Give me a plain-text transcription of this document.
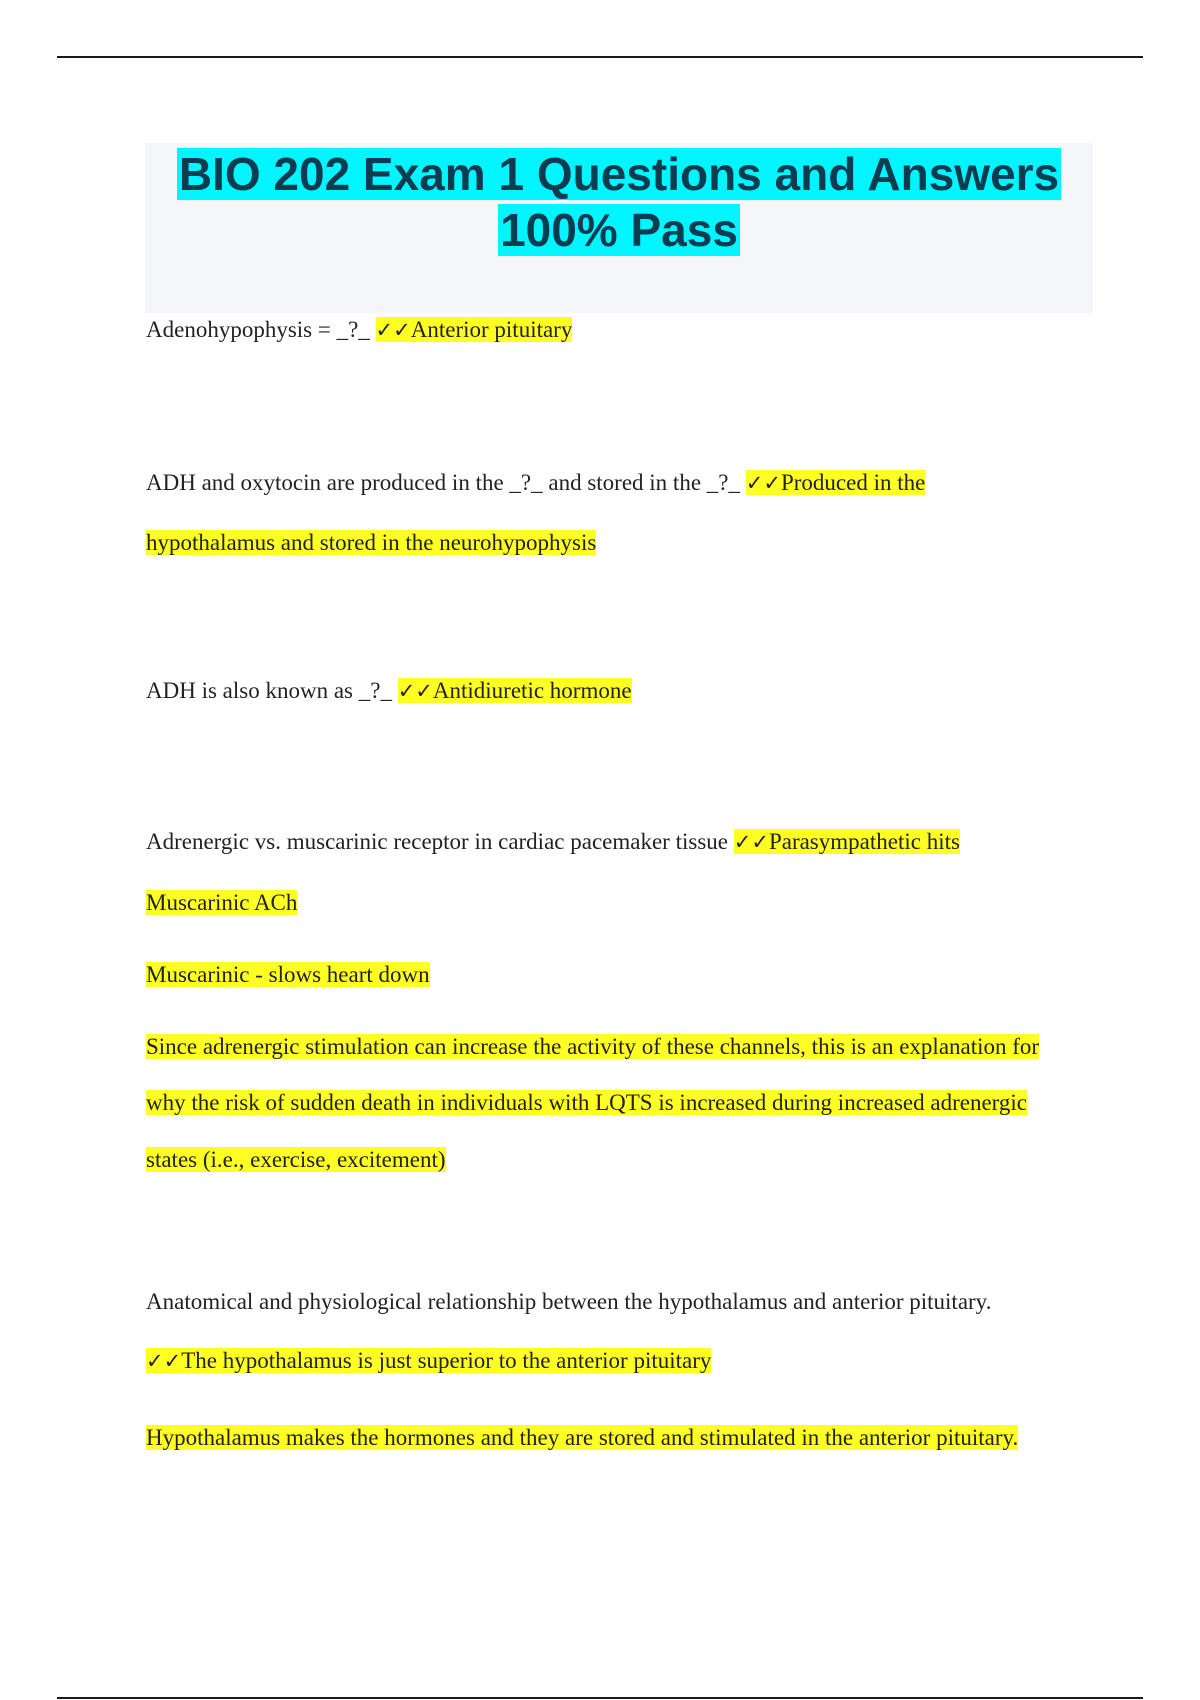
BIO 202 Exam 1 Questions and Answers
100% Pass
Adenohypophysis = _?_ ✓✓Anterior pituitary
ADH and oxytocin are produced in the _?_ and stored in the _?_ ✓✓Produced in the
hypothalamus and stored in the neurohypophysis
ADH is also known as _?_ ✓✓Antidiuretic hormone
Adrenergic vs. muscarinic receptor in cardiac pacemaker tissue ✓✓Parasympathetic hits
Muscarinic ACh
Muscarinic - slows heart down
Since adrenergic stimulation can increase the activity of these channels, this is an explanation for
why the risk of sudden death in individuals with LQTS is increased during increased adrenergic
states (i.e., exercise, excitement)
Anatomical and physiological relationship between the hypothalamus and anterior pituitary.
✓✓The hypothalamus is just superior to the anterior pituitary
Hypothalamus makes the hormones and they are stored and stimulated in the anterior pituitary.
